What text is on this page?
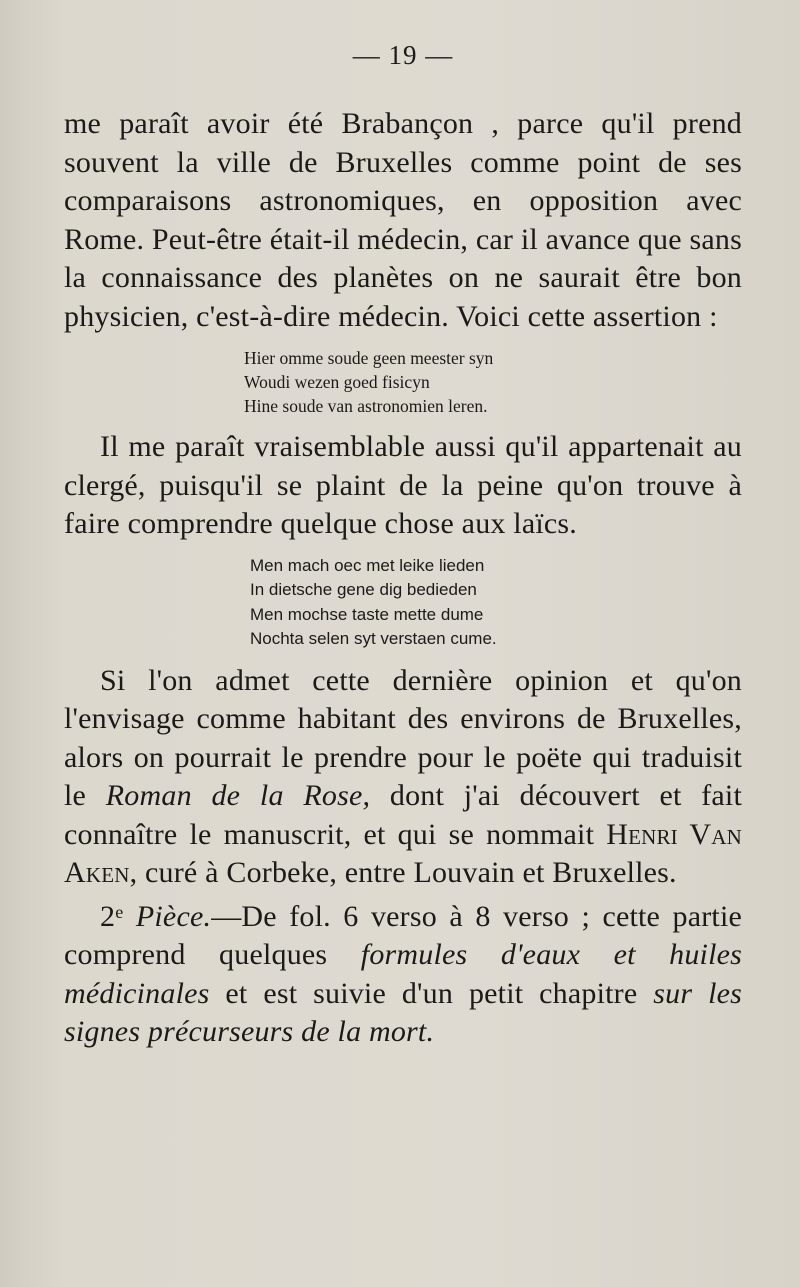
— 19 —

me paraît avoir été Brabançon , parce qu'il prend souvent la ville de Bruxelles comme point de ses comparaisons astronomiques, en opposition avec Rome. Peut-être était-il médecin, car il avance que sans la connaissance des planètes on ne saurait être bon physicien, c'est-à-dire médecin. Voici cette assertion :

Hier omme soude geen meester syn
Woudi wezen goed fisicyn
Hine soude van astronomien leren.

Il me paraît vraisemblable aussi qu'il appartenait au clergé, puisqu'il se plaint de la peine qu'on trouve à faire comprendre quelque chose aux laïcs.

Men mach oec met leike lieden
In dietsche gene dig bedieden
Men mochse taste mette dume
Nochta selen syt verstaen cume.

Si l'on admet cette dernière opinion et qu'on l'envisage comme habitant des environs de Bruxelles, alors on pourrait le prendre pour le poëte qui traduisit le Roman de la Rose, dont j'ai découvert et fait connaître le manuscrit, et qui se nommait Henri Van Aken, curé à Corbeke, entre Louvain et Bruxelles.

2e Pièce.—De fol. 6 verso à 8 verso ; cette partie comprend quelques formules d'eaux et huiles médicinales et est suivie d'un petit chapitre sur les signes précurseurs de la mort.
